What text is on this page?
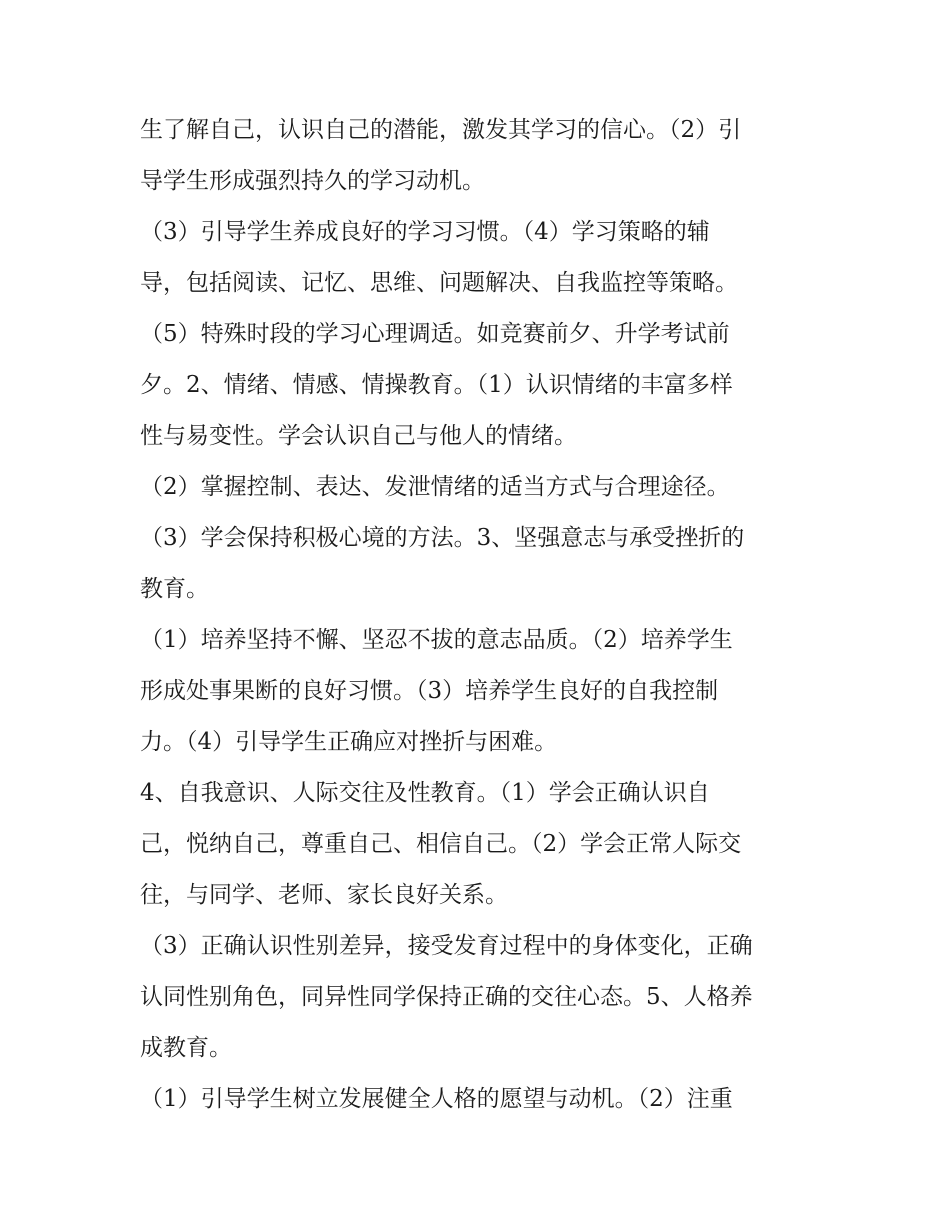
生了解自己，认识自己的潜能，激发其学习的信心。（2）引
导学生形成强烈持久的学习动机。
（3）引导学生养成良好的学习习惯。（4）学习策略的辅
导，包括阅读、记忆、思维、问题解决、自我监控等策略。
（5）特殊时段的学习心理调适。如竞赛前夕、升学考试前
夕。2、情绪、情感、情操教育。（1）认识情绪的丰富多样
性与易变性。学会认识自己与他人的情绪。
（2）掌握控制、表达、发泄情绪的适当方式与合理途径。
（3）学会保持积极心境的方法。3、坚强意志与承受挫折的
教育。
（1）培养坚持不懈、坚忍不拔的意志品质。（2）培养学生
形成处事果断的良好习惯。（3）培养学生良好的自我控制
力。（4）引导学生正确应对挫折与困难。
4、自我意识、人际交往及性教育。（1）学会正确认识自
己，悦纳自己，尊重自己、相信自己。（2）学会正常人际交
往，与同学、老师、家长良好关系。
（3）正确认识性别差异，接受发育过程中的身体变化，正确
认同性别角色，同异性同学保持正确的交往心态。5、人格养
成教育。
（1）引导学生树立发展健全人格的愿望与动机。（2）注重
